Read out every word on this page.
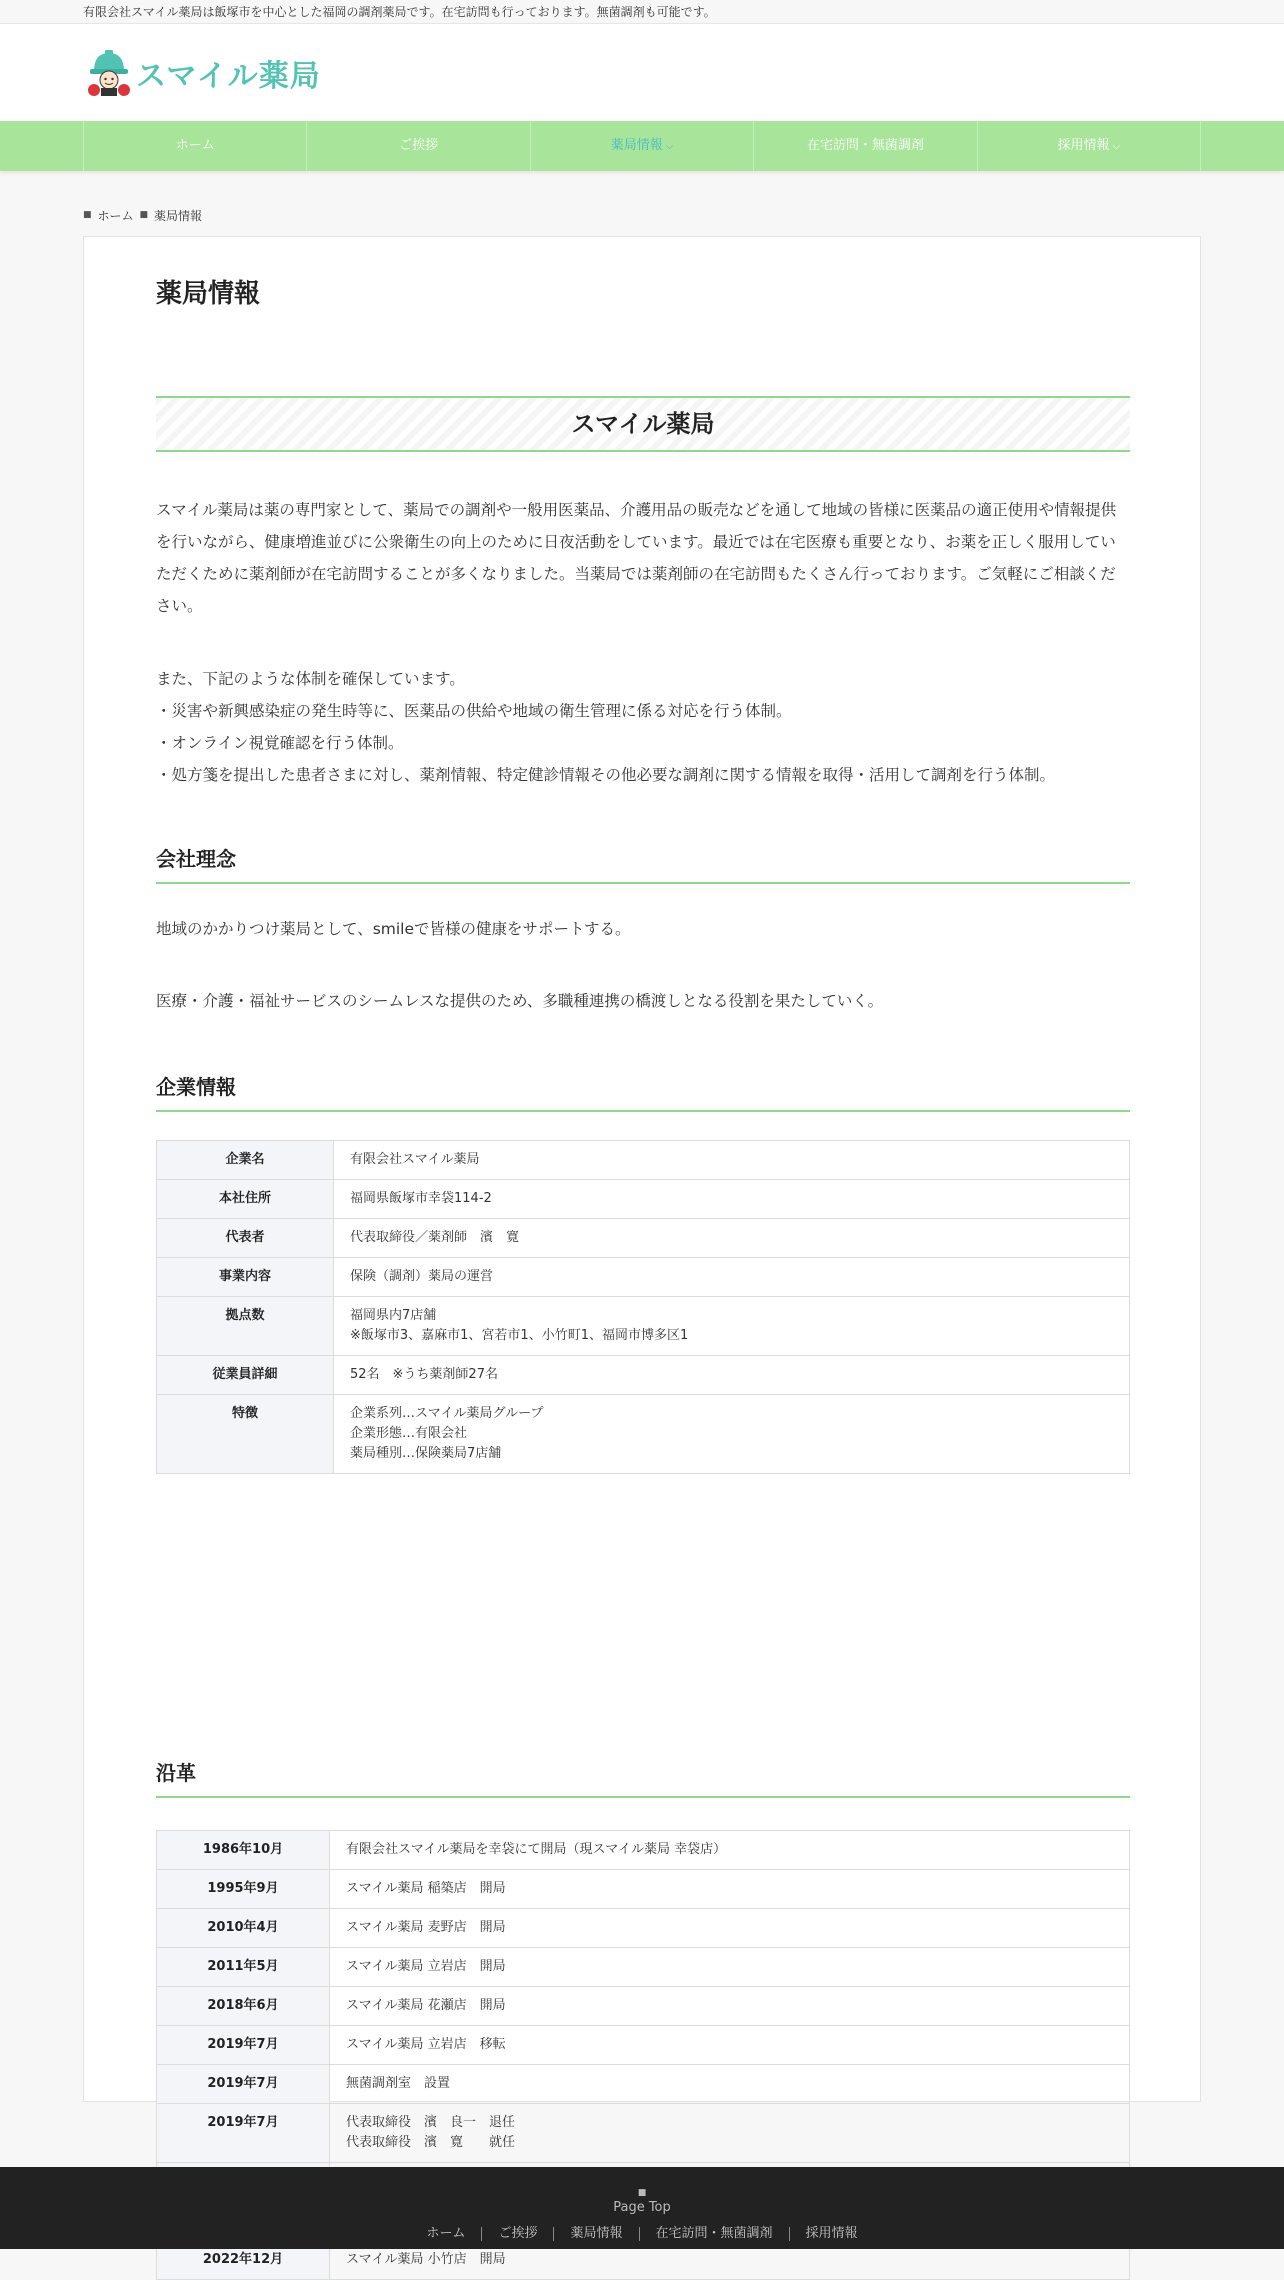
有限会社スマイル薬局は飯塚市を中心とした福岡の調剤薬局です。在宅訪問も行っております。無菌調剤も可能です。
スマイル薬局
ホーム	ご挨拶	薬局情報 ⌵	在宅訪問・無菌調剤	採用情報 ⌵
■ ホーム ■ 薬局情報
薬局情報
スマイル薬局

スマイル薬局は薬の専門家として、薬局での調剤や一般用医薬品、介護用品の販売などを通して地域の皆様に医薬品の適正使用や情報提供を行いながら、健康増進並びに公衆衛生の向上のために日夜活動をしています。最近では在宅医療も重要となり、お薬を正しく服用していただくために薬剤師が在宅訪問することが多くなりました。当薬局では薬剤師の在宅訪問もたくさん行っております。ご気軽にご相談ください。

また、下記のような体制を確保しています。
・災害や新興感染症の発生時等に、医薬品の供給や地域の衛生管理に係る対応を行う体制。
・オンライン視覚確認を行う体制。
・処方箋を提出した患者さまに対し、薬剤情報、特定健診情報その他必要な調剤に関する情報を取得・活用して調剤を行う体制。
会社理念

地域のかかりつけ薬局として、smileで皆様の健康をサポートする。

医療・介護・福祉サービスのシームレスな提供のため、多職種連携の橋渡しとなる役割を果たしていく。

企業情報
企業名	有限会社スマイル薬局

本社住所	福岡県飯塚市幸袋114-2

代表者	代表取締役／薬剤師　濱　寛

事業内容	保険（調剤）薬局の運営

拠点数	福岡県内7店舗
※飯塚市3、嘉麻市1、宮若市1、小竹町1、福岡市博多区1

従業員詳細	52名　※うち薬剤師27名

特徴	企業系列…スマイル薬局グループ
企業形態…有限会社
薬局種別…保険薬局7店舗
沿革
1986年10月	有限会社スマイル薬局を幸袋にて開局（現スマイル薬局 幸袋店）

1995年9月	スマイル薬局 稲築店　開局

2010年4月	スマイル薬局 麦野店　開局

2011年5月	スマイル薬局 立岩店　開局

2018年6月	スマイル薬局 花瀬店　開局

2019年7月	スマイル薬局 立岩店　移転

2019年7月	無菌調剤室　設置

2019年7月	代表取締役　濱　良一　退任
代表取締役　濱　寛　　就任

2022年12月	スマイル薬局 小竹店　開局
■
Page Top
ホーム	ご挨拶	薬局情報	在宅訪問・無菌調剤	採用情報
